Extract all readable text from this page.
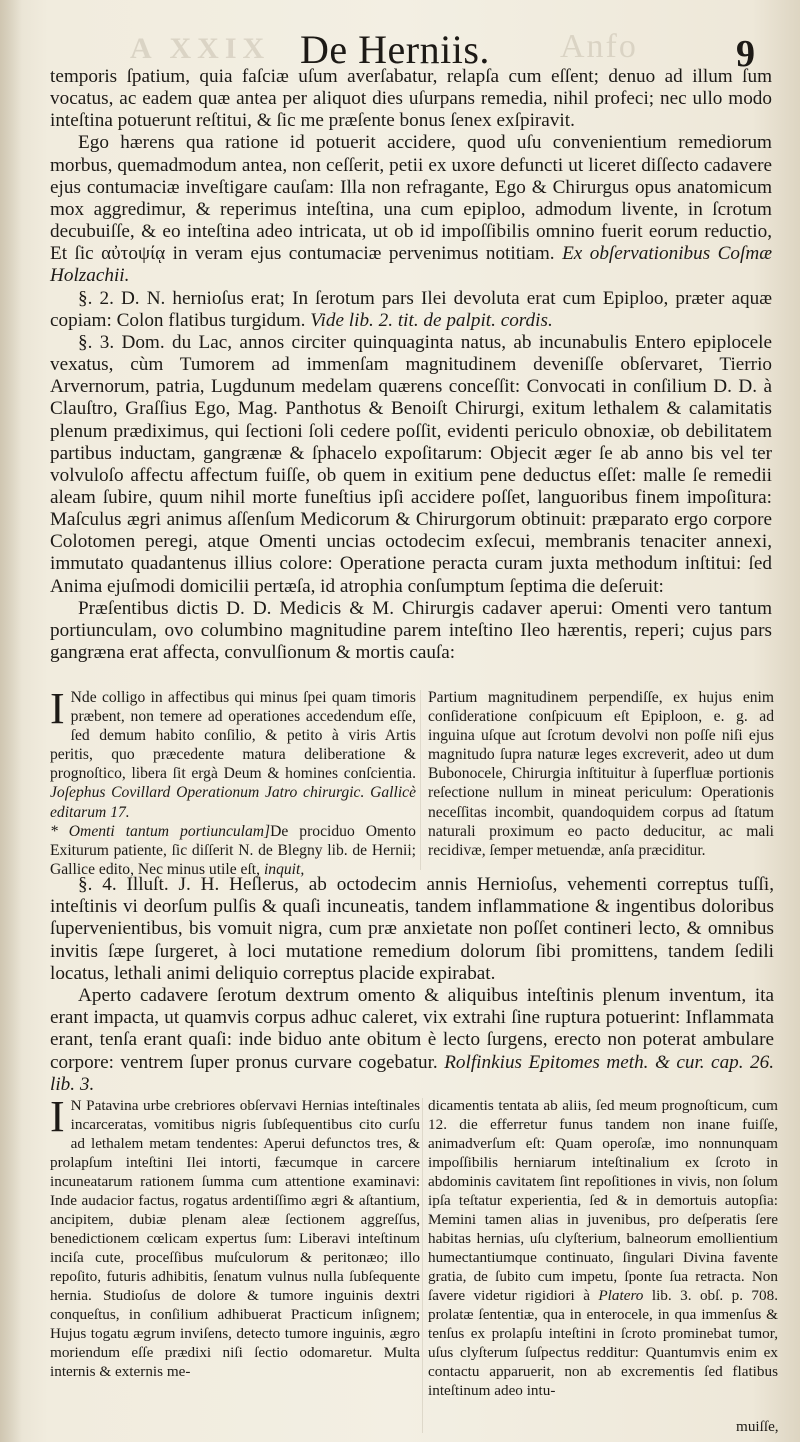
A XXIX	Anfo
De Herniis.	9

temporis ſpatium, quia faſciæ uſum averſabatur, relapſa cum eſſent; denuo ad illum ſum vocatus, ac eadem quæ antea per aliquot dies uſurpans remedia, nihil profeci; nec ullo modo inteſtina potuerunt reſtitui, & ſic me præſente bonus ſenex exſpiravit.

Ego hærens qua ratione id potuerit accidere, quod uſu convenientium remediorum morbus, quemadmodum antea, non ceſſerit, petii ex uxore defuncti ut liceret diſſecto cadavere ejus contumaciæ inveſtigare cauſam: Illa non refragante, Ego & Chirurgus opus anatomicum mox aggredimur, & reperimus inteſtina, una cum epiploo, admodum livente, in ſcrotum decubuiſſe, & eo inteſtina adeo intricata, ut ob id impoſſibilis omnino fuerit eorum reductio, Et ſic αὐτοψίᾳ in veram ejus contumaciæ pervenimus notitiam. Ex obſervationibus Coſmæ Holzachii.

§. 2. D. N. hernioſus erat; In ſerotum pars Ilei devoluta erat cum Epiploo, præter aquæ copiam: Colon flatibus turgidum. Vide lib. 2. tit. de palpit. cordis.

§. 3. Dom. du Lac, annos circiter quinquaginta natus, ab incunabulis Entero epiplocele vexatus, cùm Tumorem ad immenſam magnitudinem deveniſſe obſervaret, Tierrio Arvernorum, patria, Lugdunum medelam quærens conceſſit: Convocati in conſilium D. D. à Clauſtro, Graſſius Ego, Mag. Panthotus & Benoiſt Chirurgi, exitum lethalem & calamitatis plenum prædiximus, qui ſectioni ſoli cedere poſſit, evidenti periculo obnoxiæ, ob debilitatem partibus inductam, gangrænæ & ſphacelo expoſitarum: Objecit æger ſe ab anno bis vel ter volvuloſo affectu affectum fuiſſe, ob quem in exitium pene deductus eſſet: malle ſe remedii aleam ſubire, quum nihil morte funeſtius ipſi accidere poſſet, languoribus finem impoſitura: Maſculus ægri animus aſſenſum Medicorum & Chirurgorum obtinuit: præparato ergo corpore Colotomen peregi, atque Omenti uncias octodecim exſecui, membranis tenaciter annexi, immutato quadantenus illius colore: Operatione peracta curam juxta methodum inſtitui: ſed Anima ejuſmodi domicilii pertæſa, id atrophia conſumptum ſeptima die deſeruit:

Præſentibus dictis D. D. Medicis & M. Chirurgis cadaver aperui: Omenti vero tantum portiunculam, ovo columbino magnitudine parem inteſtino Ileo hærentis, reperi; cujus pars gangræna erat affecta, convulſionum & mortis cauſa:

I Nde colligo in affectibus qui minus ſpei quam timoris præbent, non temere ad operationes accedendum eſſe, ſed demum habito conſilio, & petito à viris Artis peritis, quo præcedente matura deliberatione & prognoſtico, libera ſit ergà Deum & homines conſcientia. Joſephus Covillard Operationum Jatro chirurgic. Gallicè editarum 17.

* Omenti tantum portiunculam]De prociduo Omento Exiturum patiente, ſic diſſerit N. de Blegny lib. de Hernii; Gallice edito, Nec minus utile eſt, inquit,

Partium magnitudinem perpendiſſe, ex hujus enim conſideratione conſpicuum eſt Epiploon, e. g. ad inguina uſque aut ſcrotum devolvi non poſſe niſi ejus magnitudo ſupra naturæ leges excreverit, adeo ut dum Bubonocele, Chirurgia inſtituitur à ſuperfluæ portionis reſectione nullum in mineat periculum: Operationis neceſſitas incombit, quandoquidem corpus ad ſtatum naturali proximum eo pacto deducitur, ac mali recidivæ, ſemper metuendæ, anſa præciditur.

§. 4. Illuſt. J. H. Heſlerus, ab octodecim annis Hernioſus, vehementi correptus tuſſi, inteſtinis vi deorſum pulſis & quaſi incuneatis, tandem inflammatione & ingentibus doloribus ſupervenientibus, bis vomuit nigra, cum præ anxietate non poſſet contineri lecto, & omnibus invitis ſæpe ſurgeret, à loci mutatione remedium dolorum ſibi promittens, tandem ſedili locatus, lethali animi deliquio correptus placide expirabat.

Aperto cadavere ſerotum dextrum omento & aliquibus inteſtinis plenum inventum, ita erant impacta, ut quamvis corpus adhuc caleret, vix extrahi ſine ruptura potuerint: Inflammata erant, tenſa erant quaſi: inde biduo ante obitum è lecto ſurgens, erecto non poterat ambulare corpore: ventrem ſuper pronus curvare cogebatur. Rolfinkius Epitomes meth. & cur. cap. 26. lib. 3.

I N Patavina urbe crebriores obſervavi Hernias inteſtinales incarceratas, vomitibus nigris ſubſequentibus cito curſu ad lethalem metam tendentes: Aperui defunctos tres, & prolapſum inteſtini Ilei intorti, fæcumque in carcere incuneatarum rationem ſumma cum attentione examinavi: Inde audacior factus, rogatus ardentiſſimo ægri & aſtantium, ancipitem, dubiæ plenam aleæ ſectionem aggreſſus, benedictionem cœlicam expertus ſum: Liberavi inteſtinum inciſa cute, proceſſibus muſculorum & peritonæo; illo repoſito, futuris adhibitis, ſenatum vulnus nulla ſubſequente hernia. Studioſus de dolore & tumore inguinis dextri conqueſtus, in conſilium adhibuerat Practicum inſignem; Hujus togatu ægrum inviſens, detecto tumore inguinis, ægro moriendum eſſe prædixi niſi ſectio odomaretur. Multa internis & externis me-

dicamentis tentata ab aliis, ſed meum prognoſticum, cum 12. die efferretur funus tandem non inane fuiſſe, animadverſum eſt: Quam operoſæ, imo nonnunquam impoſſibilis herniarum inteſtinalium ex ſcroto in abdominis cavitatem ſint repoſitiones in vivis, non ſolum ipſa teſtatur experientia, ſed & in demortuis autopſia: Memini tamen alias in juvenibus, pro deſperatis ſere habitas hernias, uſu clyſterium, balneorum emollientium humectantiumque continuato, ſingulari Divina favente gratia, de ſubito cum impetu, ſponte ſua retracta. Non ſavere videtur rigidiori à Platero lib. 3. obſ. p. 708. prolatæ ſententiæ, qua in enterocele, in qua immenſus & tenſus ex prolapſu inteſtini in ſcroto prominebat tumor, uſus clyſterum ſuſpectus redditur: Quantumvis enim ex contactu apparuerit, non ab excrementis ſed flatibus inteſtinum adeo intu-

muiſſe,
